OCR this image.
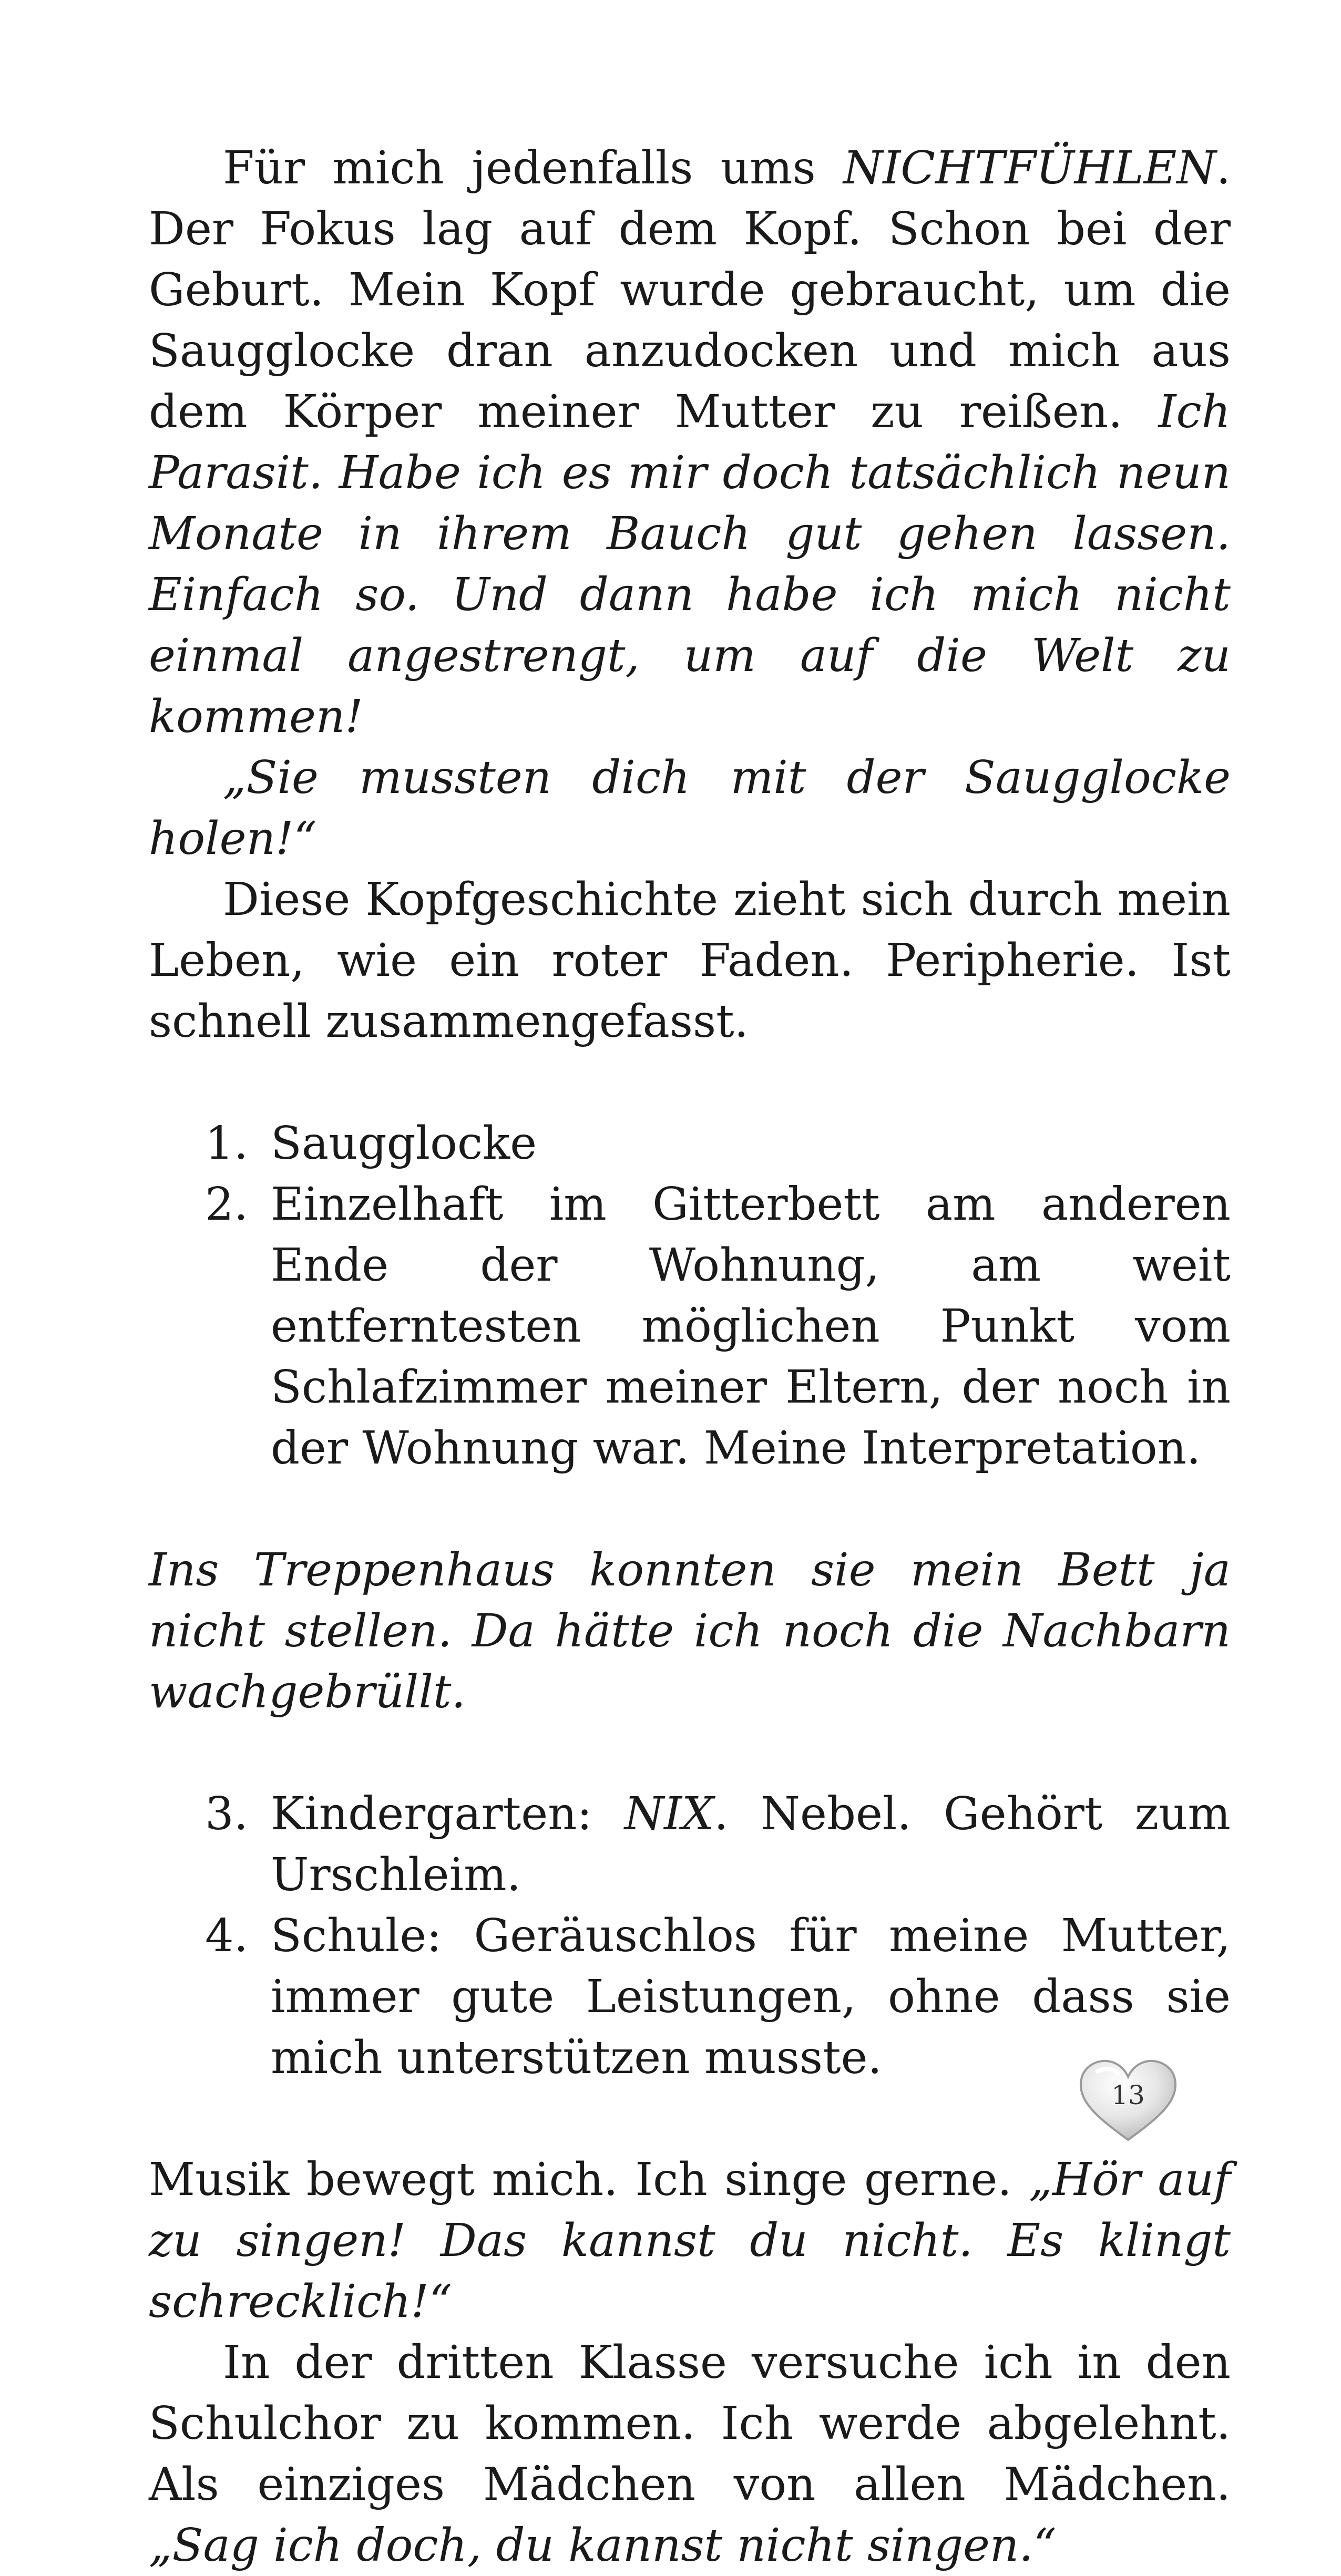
Für mich jedenfalls ums NICHTFÜHLEN. Der Fokus lag auf dem Kopf. Schon bei der Geburt. Mein Kopf wurde gebraucht, um die Saugglocke dran anzudocken und mich aus dem Körper meiner Mutter zu reißen. Ich Parasit. Habe ich es mir doch tatsächlich neun Monate in ihrem Bauch gut gehen lassen. Einfach so. Und dann habe ich mich nicht einmal angestrengt, um auf die Welt zu kommen!

„Sie mussten dich mit der Saugglocke holen!“

Diese Kopfgeschichte zieht sich durch mein Leben, wie ein roter Faden. Peripherie. Ist schnell zusammengefasst.

1. Saugglocke
2. Einzelhaft im Gitterbett am anderen Ende der Wohnung, am weit entferntesten möglichen Punkt vom Schlafzimmer meiner Eltern, der noch in der Wohnung war. Meine Interpretation.

Ins Treppenhaus konnten sie mein Bett ja nicht stellen. Da hätte ich noch die Nachbarn wachgebrüllt.

3. Kindergarten: NIX. Nebel. Gehört zum Urschleim.
4. Schule: Geräuschlos für meine Mutter, immer gute Leistungen, ohne dass sie mich unterstützen musste.

Musik bewegt mich. Ich singe gerne. „Hör auf zu singen! Das kannst du nicht. Es klingt schrecklich!“

In der dritten Klasse versuche ich in den Schulchor zu kommen. Ich werde abgelehnt. Als einziges Mädchen von allen Mädchen. „Sag ich doch, du kannst nicht singen.“

13
